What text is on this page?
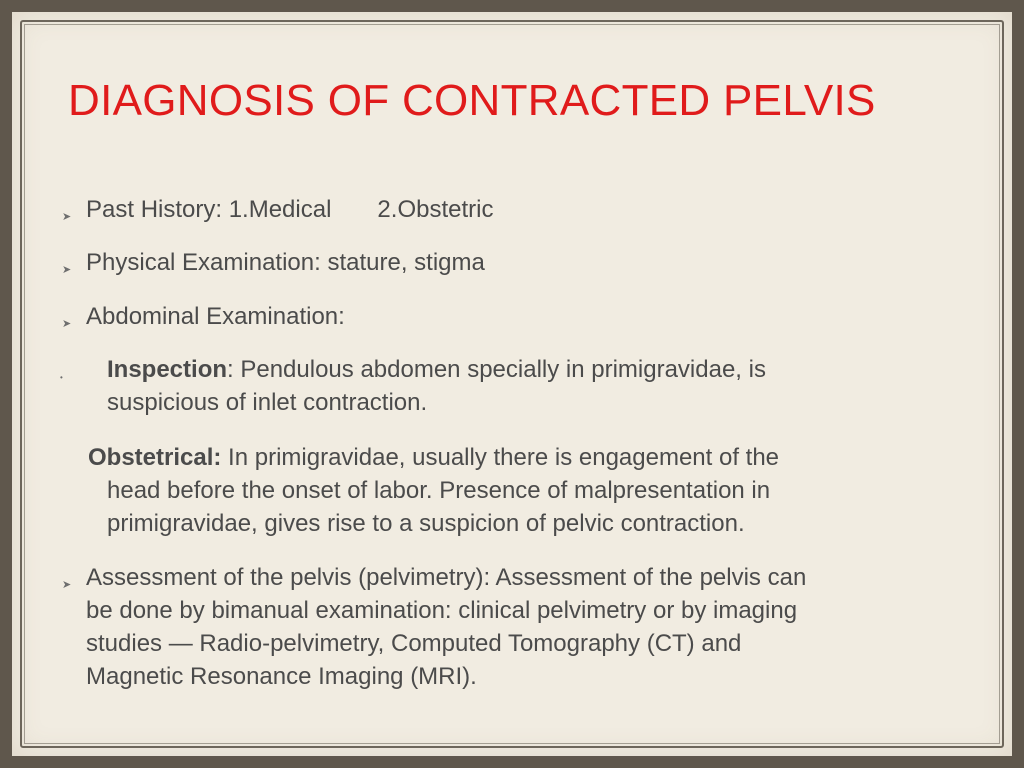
DIAGNOSIS OF CONTRACTED PELVIS
➤ Past History: 1.Medical 2.Obstetric
➤ Physical Examination: stature, stigma
➤ Abdominal Examination:
• Inspection: Pendulous abdomen specially in primigravidae, is
suspicious of inlet contraction.
Obstetrical: In primigravidae, usually there is engagement of the
head before the onset of labor. Presence of malpresentation in
primigravidae, gives rise to a suspicion of pelvic contraction.
➤ Assessment of the pelvis (pelvimetry): Assessment of the pelvis can
be done by bimanual examination: clinical pelvimetry or by imaging
studies — Radio-pelvimetry, Computed Tomography (CT) and
Magnetic Resonance Imaging (MRI).
